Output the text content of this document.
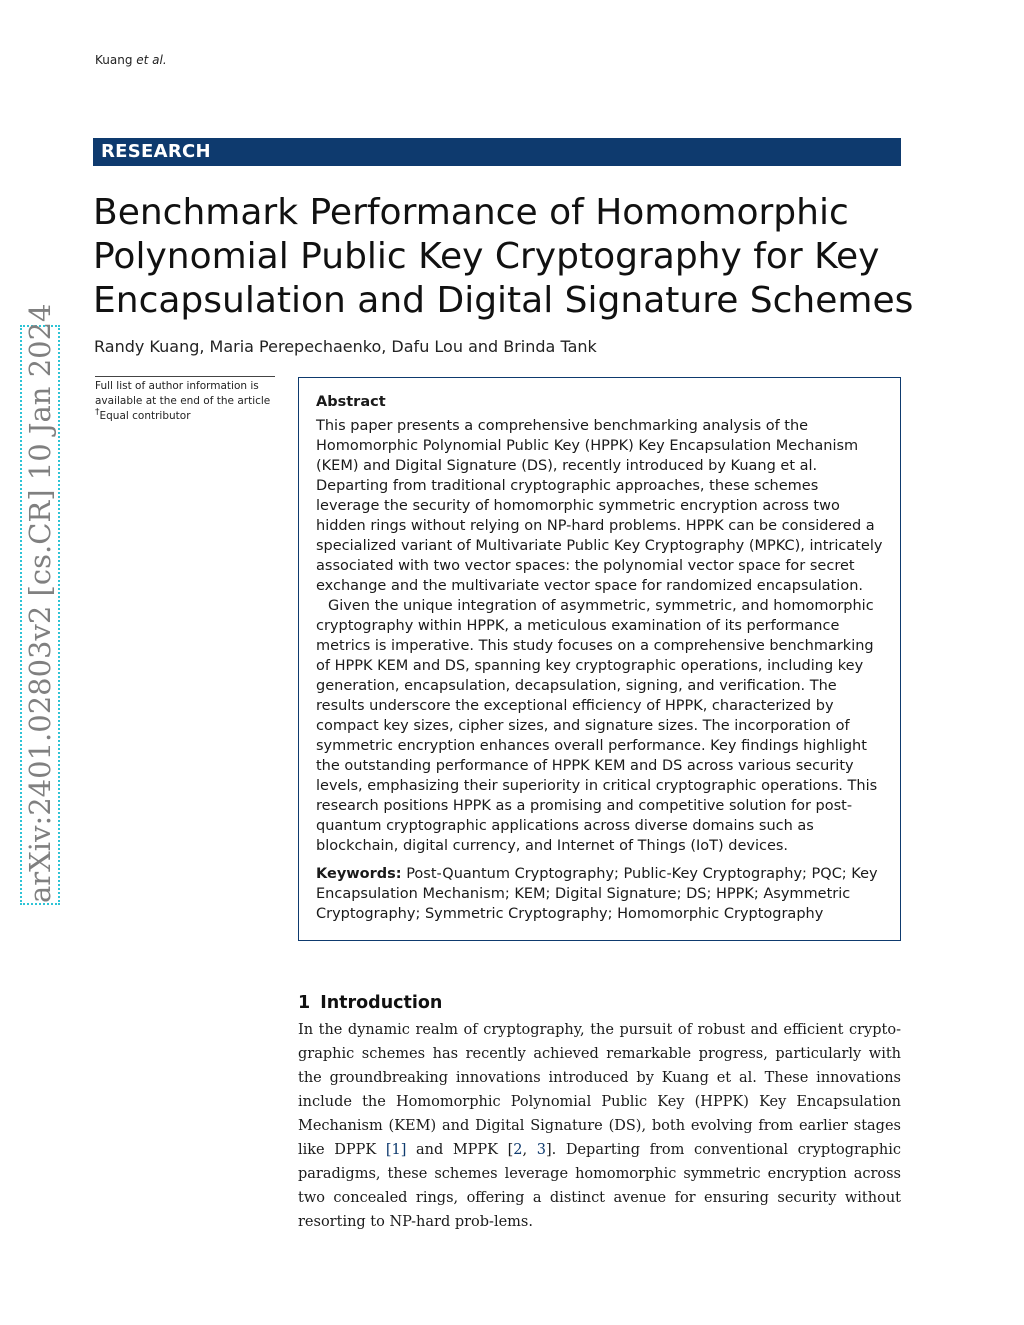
Kuang et al.
RESEARCH
Benchmark Performance of Homomorphic Polynomial Public Key Cryptography for Key Encapsulation and Digital Signature Schemes
Randy Kuang, Maria Perepechaenko, Dafu Lou and Brinda Tank
arXiv:2401.02803v2 [cs.CR] 10 Jan 2024	Full list of author information is available at the end of the article
†Equal contributor
Abstract

This paper presents a comprehensive benchmarking analysis of the Homomorphic Polynomial Public Key (HPPK) Key Encapsulation Mechanism (KEM) and Digital Signature (DS), recently introduced by Kuang et al. Departing from traditional cryptographic approaches, these schemes leverage the security of homomorphic symmetric encryption across two hidden rings without relying on NP-hard problems. HPPK can be considered a specialized variant of Multivariate Public Key Cryptography (MPKC), intricately associated with two vector spaces: the polynomial vector space for secret exchange and the multivariate vector space for randomized encapsulation.

Given the unique integration of asymmetric, symmetric, and homomorphic cryptography within HPPK, a meticulous examination of its performance metrics is imperative. This study focuses on a comprehensive benchmarking of HPPK KEM and DS, spanning key cryptographic operations, including key generation, encapsulation, decapsulation, signing, and verification. The results underscore the exceptional efficiency of HPPK, characterized by compact key sizes, cipher sizes, and signature sizes. The incorporation of symmetric encryption enhances overall performance. Key findings highlight the outstanding performance of HPPK KEM and DS across various security levels, emphasizing their superiority in critical cryptographic operations. This research positions HPPK as a promising and competitive solution for post-quantum cryptographic applications across diverse domains such as blockchain, digital currency, and Internet of Things (IoT) devices.

Keywords: Post-Quantum Cryptography; Public-Key Cryptography; PQC; Key Encapsulation Mechanism; KEM; Digital Signature; DS; HPPK; Asymmetric Cryptography; Symmetric Cryptography; Homomorphic Cryptography

1 Introduction

In the dynamic realm of cryptography, the pursuit of robust and efficient crypto-graphic schemes has recently achieved remarkable progress, particularly with the groundbreaking innovations introduced by Kuang et al. These innovations include the Homomorphic Polynomial Public Key (HPPK) Key Encapsulation Mechanism (KEM) and Digital Signature (DS), both evolving from earlier stages like DPPK [1] and MPPK [2, 3]. Departing from conventional cryptographic paradigms, these schemes leverage homomorphic symmetric encryption across two concealed rings, offering a distinct avenue for ensuring security without resorting to NP-hard prob-lems.
